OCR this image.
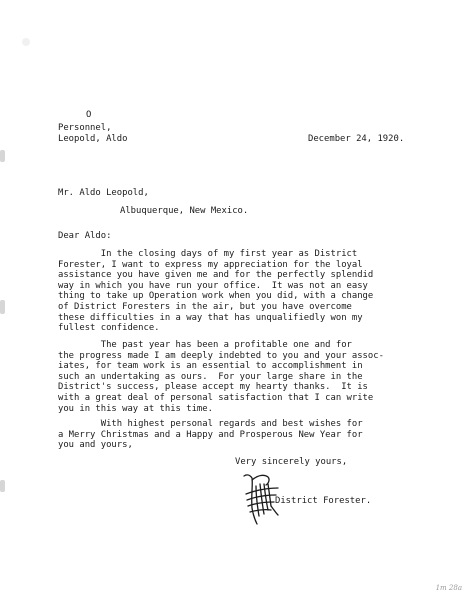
O
Personnel,
Leopold, Aldo	December 24, 1920.
Mr. Aldo Leopold,
Albuquerque, New Mexico.
Dear Aldo:
In the closing days of my first year as District
Forester, I want to express my appreciation for the loyal
assistance you have given me and for the perfectly splendid
way in which you have run your office.  It was not an easy
thing to take up Operation work when you did, with a change
of District Foresters in the air, but you have overcome
these difficulties in a way that has unqualifiedly won my
fullest confidence.
The past year has been a profitable one and for
the progress made I am deeply indebted to you and your assoc-
iates, for team work is an essential to accomplishment in
such an undertaking as ours.  For your large share in the
District's success, please accept my hearty thanks.  It is
with a great deal of personal satisfaction that I can write
you in this way at this time.
With highest personal regards and best wishes for
a Merry Christmas and a Happy and Prosperous New Year for
you and yours,
Very sincerely yours,
District Forester.
1m 28a
